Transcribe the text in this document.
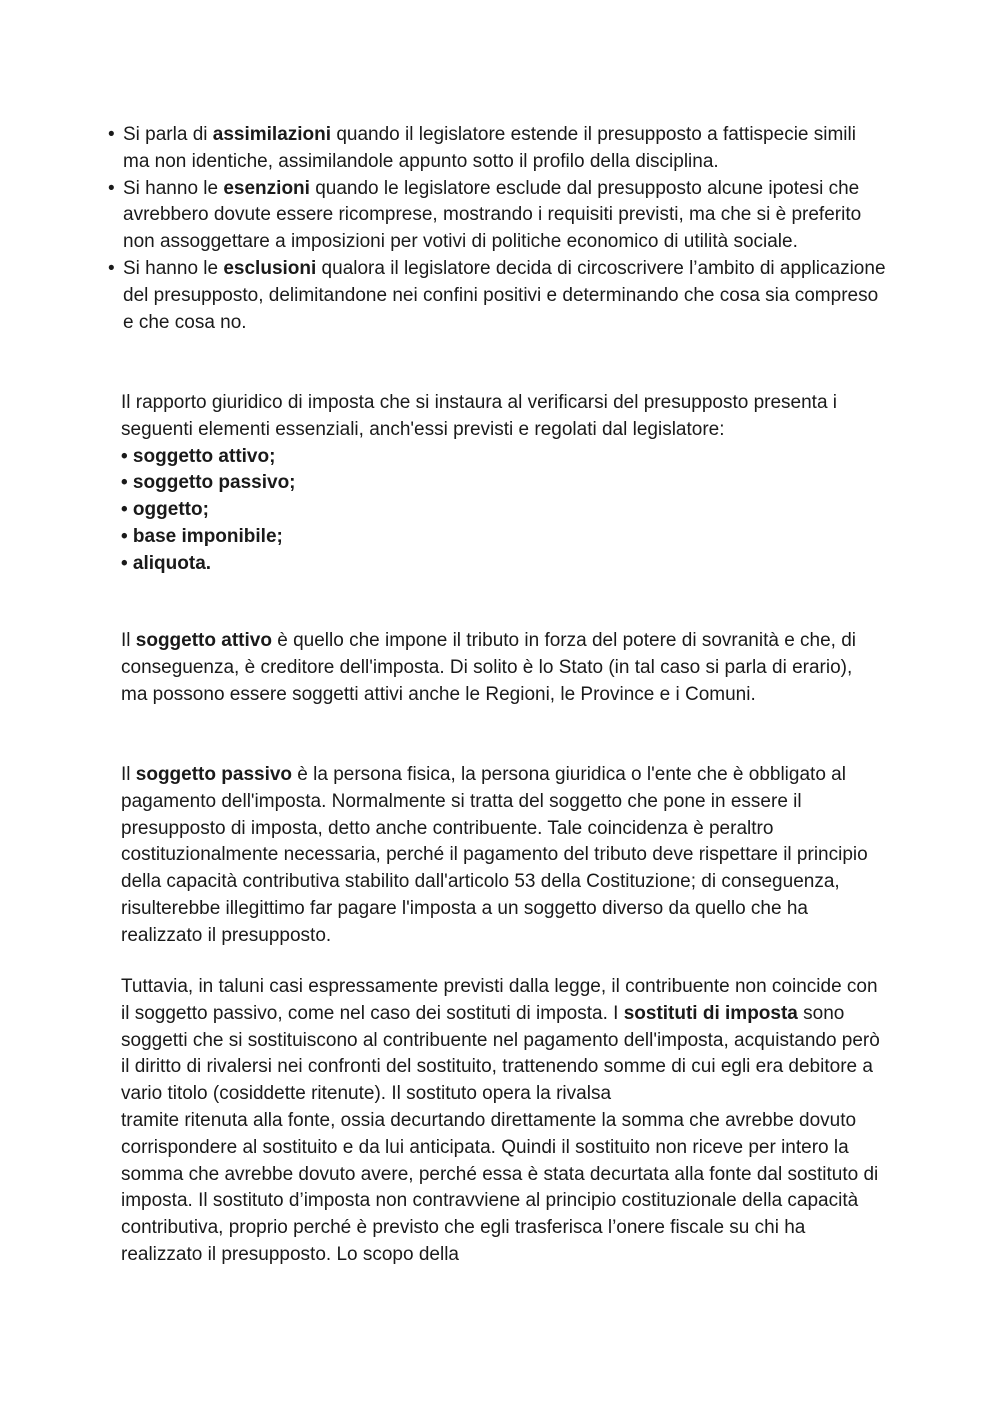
• Si parla di assimilazioni quando il legislatore estende il presupposto a fattispecie simili ma non identiche, assimilandole appunto sotto il profilo della disciplina.

• Si hanno le esenzioni quando le legislatore esclude dal presupposto alcune ipotesi che avrebbero dovute essere ricomprese, mostrando i requisiti previsti, ma che si è preferito non assoggettare a imposizioni per votivi di politiche economico di utilità sociale.

• Si hanno le esclusioni qualora il legislatore decida di circoscrivere l’ambito di applicazione del presupposto, delimitandone nei confini positivi e determinando che cosa sia compreso e che cosa no.

Il rapporto giuridico di imposta che si instaura al verificarsi del presupposto presenta i seguenti elementi essenziali, anch'essi previsti e regolati dal legislatore:

• soggetto attivo;
• soggetto passivo;
• oggetto;
• base imponibile;
• aliquota.

Il soggetto attivo è quello che impone il tributo in forza del potere di sovranità e che, di conseguenza, è creditore dell'imposta. Di solito è lo Stato (in tal caso si parla di erario), ma possono essere soggetti attivi anche le Regioni, le Province e i Comuni.

Il soggetto passivo è la persona fisica, la persona giuridica o l'ente che è obbligato al pagamento dell'imposta. Normalmente si tratta del soggetto che pone in essere il presupposto di imposta, detto anche contribuente. Tale coincidenza è peraltro costituzionalmente necessaria, perché il pagamento del tributo deve rispettare il principio della capacità contributiva stabilito dall'articolo 53 della Costituzione; di conseguenza, risulterebbe illegittimo far pagare l'imposta a un soggetto diverso da quello che ha realizzato il presupposto.

Tuttavia, in taluni casi espressamente previsti dalla legge, il contribuente non coincide con il soggetto passivo, come nel caso dei sostituti di imposta. I sostituti di imposta sono soggetti che si sostituiscono al contribuente nel pagamento dell'imposta, acquistando però il diritto di rivalersi nei confronti del sostituito, trattenendo somme di cui egli era debitore a vario titolo (cosiddette ritenute). Il sostituto opera la rivalsa

tramite ritenuta alla fonte, ossia decurtando direttamente la somma che avrebbe dovuto corrispondere al sostituito e da lui anticipata. Quindi il sostituito non riceve per intero la somma che avrebbe dovuto avere, perché essa è stata decurtata alla fonte dal sostituto di imposta. Il sostituto d’imposta non contravviene al principio costituzionale della capacità contributiva, proprio perché è previsto che egli trasferisca l’onere fiscale su chi ha realizzato il presupposto. Lo scopo della
